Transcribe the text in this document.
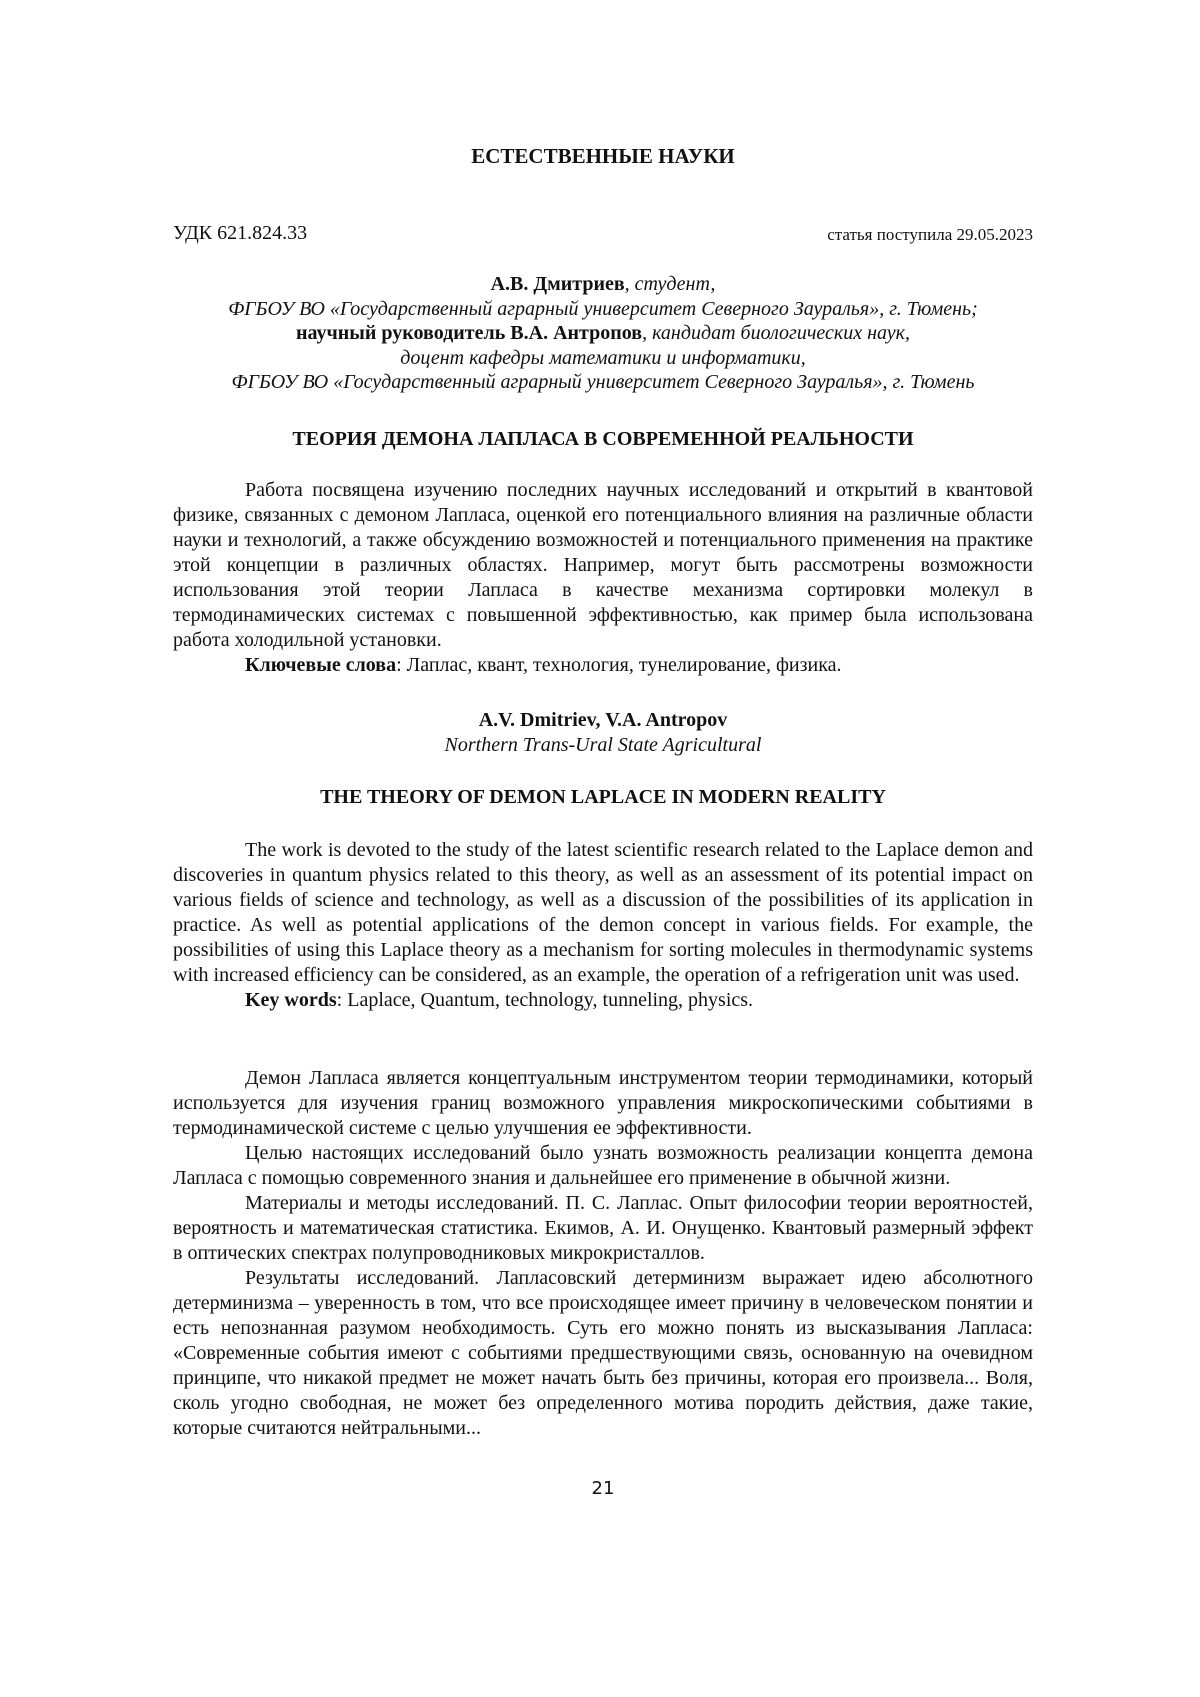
ЕСТЕСТВЕННЫЕ НАУКИ
УДК 621.824.33	статья поступила 29.05.2023
А.В. Дмитриев, студент,
ФГБОУ ВО «Государственный аграрный университет Северного Зауралья», г. Тюмень;
научный руководитель В.А. Антропов, кандидат биологических наук,
доцент кафедры математики и информатики,
ФГБОУ ВО «Государственный аграрный университет Северного Зауралья», г. Тюмень
ТЕОРИЯ ДЕМОНА ЛАПЛАСА В СОВРЕМЕННОЙ РЕАЛЬНОСТИ

Работа посвящена изучению последних научных исследований и открытий в квантовой физике, связанных с демоном Лапласа, оценкой его потенциального влияния на различные области науки и технологий, а также обсуждению возможностей и потенциального применения на практике этой концепции в различных областях. Например, могут быть рассмотрены возможности использования этой теории Лапласа в качестве механизма сортировки молекул в термодинамических системах с повышенной эффективностью, как пример была использована работа холодильной установки.

Ключевые слова: Лаплас, квант, технология, тунелирование, физика.

A.V. Dmitriev, V.A. Antropov
Northern Trans-Ural State Agricultural
THE THEORY OF DEMON LAPLACE IN MODERN REALITY

The work is devoted to the study of the latest scientific research related to the Laplace demon and discoveries in quantum physics related to this theory, as well as an assessment of its potential impact on various fields of science and technology, as well as a discussion of the possibilities of its application in practice. As well as potential applications of the demon concept in various fields. For example, the possibilities of using this Laplace theory as a mechanism for sorting molecules in thermodynamic systems with increased efficiency can be considered, as an example, the operation of a refrigeration unit was used.

Key words: Laplace, Quantum, technology, tunneling, physics.

Демон Лапласа является концептуальным инструментом теории термодинамики, который используется для изучения границ возможного управления микроскопическими событиями в термодинамической системе с целью улучшения ее эффективности.

Целью настоящих исследований было узнать возможность реализации концепта демона Лапласа с помощью современного знания и дальнейшее его применение в обычной жизни.

Материалы и методы исследований. П. С. Лаплас. Опыт философии теории вероятностей, вероятность и математическая статистика. Екимов, А. И. Онущенко. Квантовый размерный эффект в оптических спектрах полупроводниковых микрокристаллов.

Результаты исследований. Лапласовский детерминизм выражает идею абсолютного детерминизма – уверенность в том, что все происходящее имеет причину в человеческом понятии и есть непознанная разумом необходимость. Суть его можно понять из высказывания Лапласа: «Современные события имеют с событиями предшествующими связь, основанную на очевидном принципе, что никакой предмет не может начать быть без причины, которая его произвела... Воля, сколь угодно свободная, не может без определенного мотива породить действия, даже такие, которые считаются нейтральными...

21
